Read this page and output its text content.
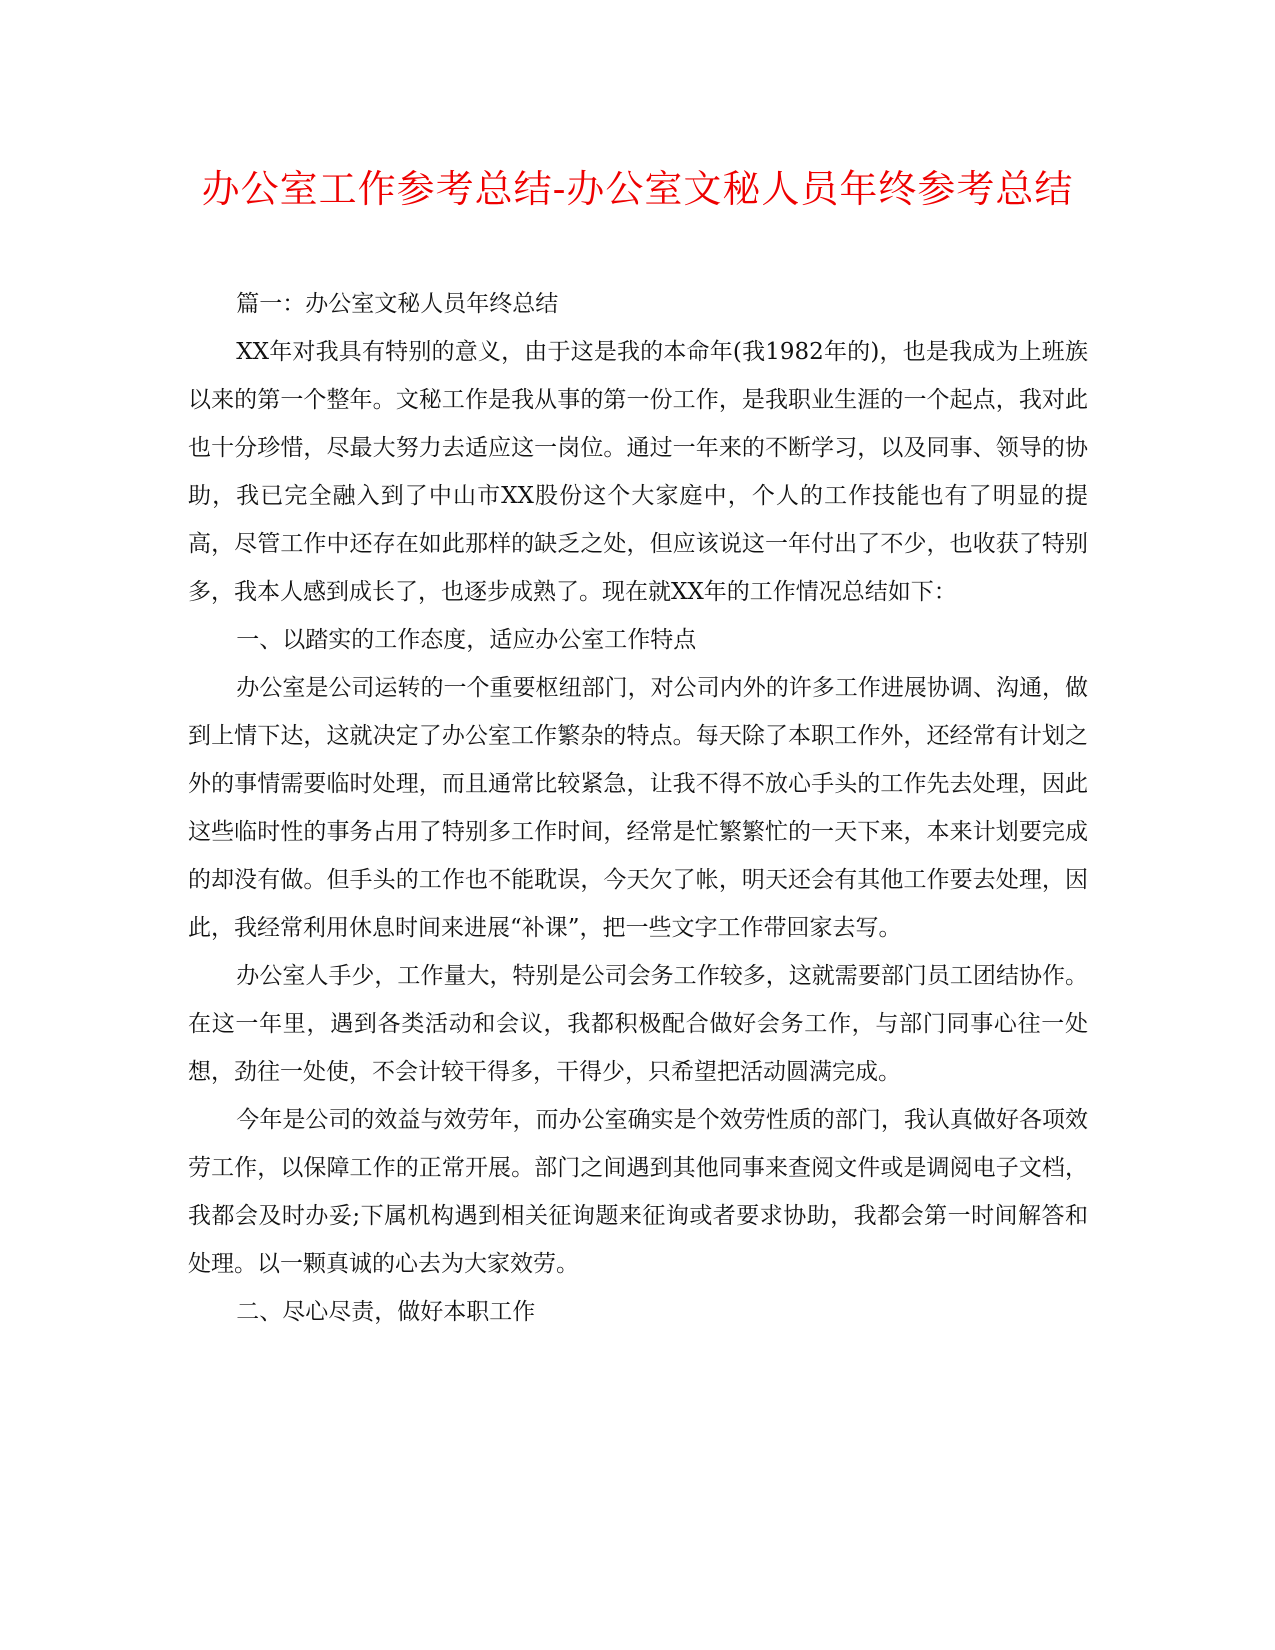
办公室工作参考总结-办公室文秘人员年终参考总结

篇一：办公室文秘人员年终总结

XX年对我具有特别的意义，由于这是我的本命年(我1982年的)，也是我成为上班族以来的第一个整年。文秘工作是我从事的第一份工作，是我职业生涯的一个起点，我对此也十分珍惜，尽最大努力去适应这一岗位。通过一年来的不断学习，以及同事、领导的协助，我已完全融入到了中山市XX股份这个大家庭中，个人的工作技能也有了明显的提高，尽管工作中还存在如此那样的缺乏之处，但应该说这一年付出了不少，也收获了特别多，我本人感到成长了，也逐步成熟了。现在就XX年的工作情况总结如下：

一、以踏实的工作态度，适应办公室工作特点

办公室是公司运转的一个重要枢纽部门，对公司内外的许多工作进展协调、沟通，做到上情下达，这就决定了办公室工作繁杂的特点。每天除了本职工作外，还经常有计划之外的事情需要临时处理，而且通常比较紧急，让我不得不放心手头的工作先去处理，因此这些临时性的事务占用了特别多工作时间，经常是忙繁繁忙的一天下来，本来计划要完成的却没有做。但手头的工作也不能耽误，今天欠了帐，明天还会有其他工作要去处理，因此，我经常利用休息时间来进展“补课”，把一些文字工作带回家去写。

办公室人手少，工作量大，特别是公司会务工作较多，这就需要部门员工团结协作。在这一年里，遇到各类活动和会议，我都积极配合做好会务工作，与部门同事心往一处想，劲往一处使，不会计较干得多，干得少，只希望把活动圆满完成。

今年是公司的效益与效劳年，而办公室确实是个效劳性质的部门，我认真做好各项效劳工作，以保障工作的正常开展。部门之间遇到其他同事来查阅文件或是调阅电子文档，我都会及时办妥;下属机构遇到相关征询题来征询或者要求协助，我都会第一时间解答和处理。以一颗真诚的心去为大家效劳。

二、尽心尽责，做好本职工作
